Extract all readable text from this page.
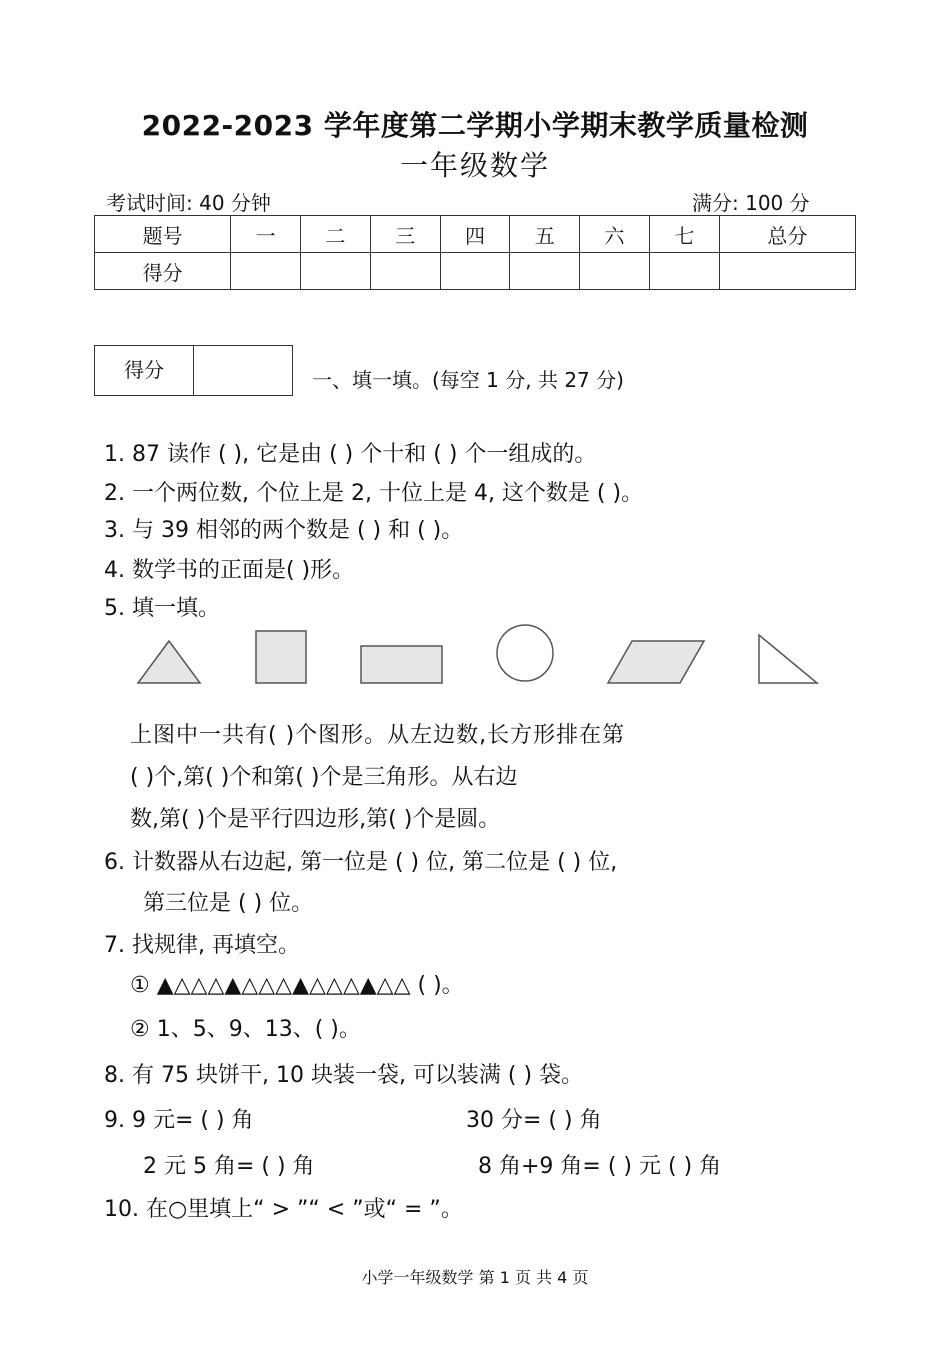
2022-2023 学年度第二学期小学期末教学质量检测
一年级数学
考试时间: 40 分钟	满分: 100 分
题号	一	二	三	四	五	六	七	总分
得分								
得分	一、填一填。(每空 1 分, 共 27 分)
1. 87 读作 ( ), 它是由 ( ) 个十和 ( ) 个一组成的。
2. 一个两位数, 个位上是 2, 十位上是 4, 这个数是 ( )。
3. 与 39 相邻的两个数是 ( ) 和 ( )。
4. 数学书的正面是( )形。
5. 填一填。
上图中一共有( )个图形。从左边数,长方形排在第
( )个,第( )个和第( )个是三角形。从右边
数,第( )个是平行四边形,第( )个是圆。
6. 计数器从右边起, 第一位是 ( ) 位, 第二位是 ( ) 位,
第三位是 ( ) 位。
7. 找规律, 再填空。
① ▲△△△▲△△△▲△△△▲△△ ( )。
② 1、5、9、13、( )。
8. 有 75 块饼干, 10 块装一袋, 可以装满 ( ) 袋。
9. 9 元= ( ) 角	30 分= ( ) 角
2 元 5 角= ( ) 角	8 角+9 角= ( ) 元 ( ) 角
10. 在○里填上“ > ”“ < ”或“ = ”。
小学一年级数学 第 1 页 共 4 页
